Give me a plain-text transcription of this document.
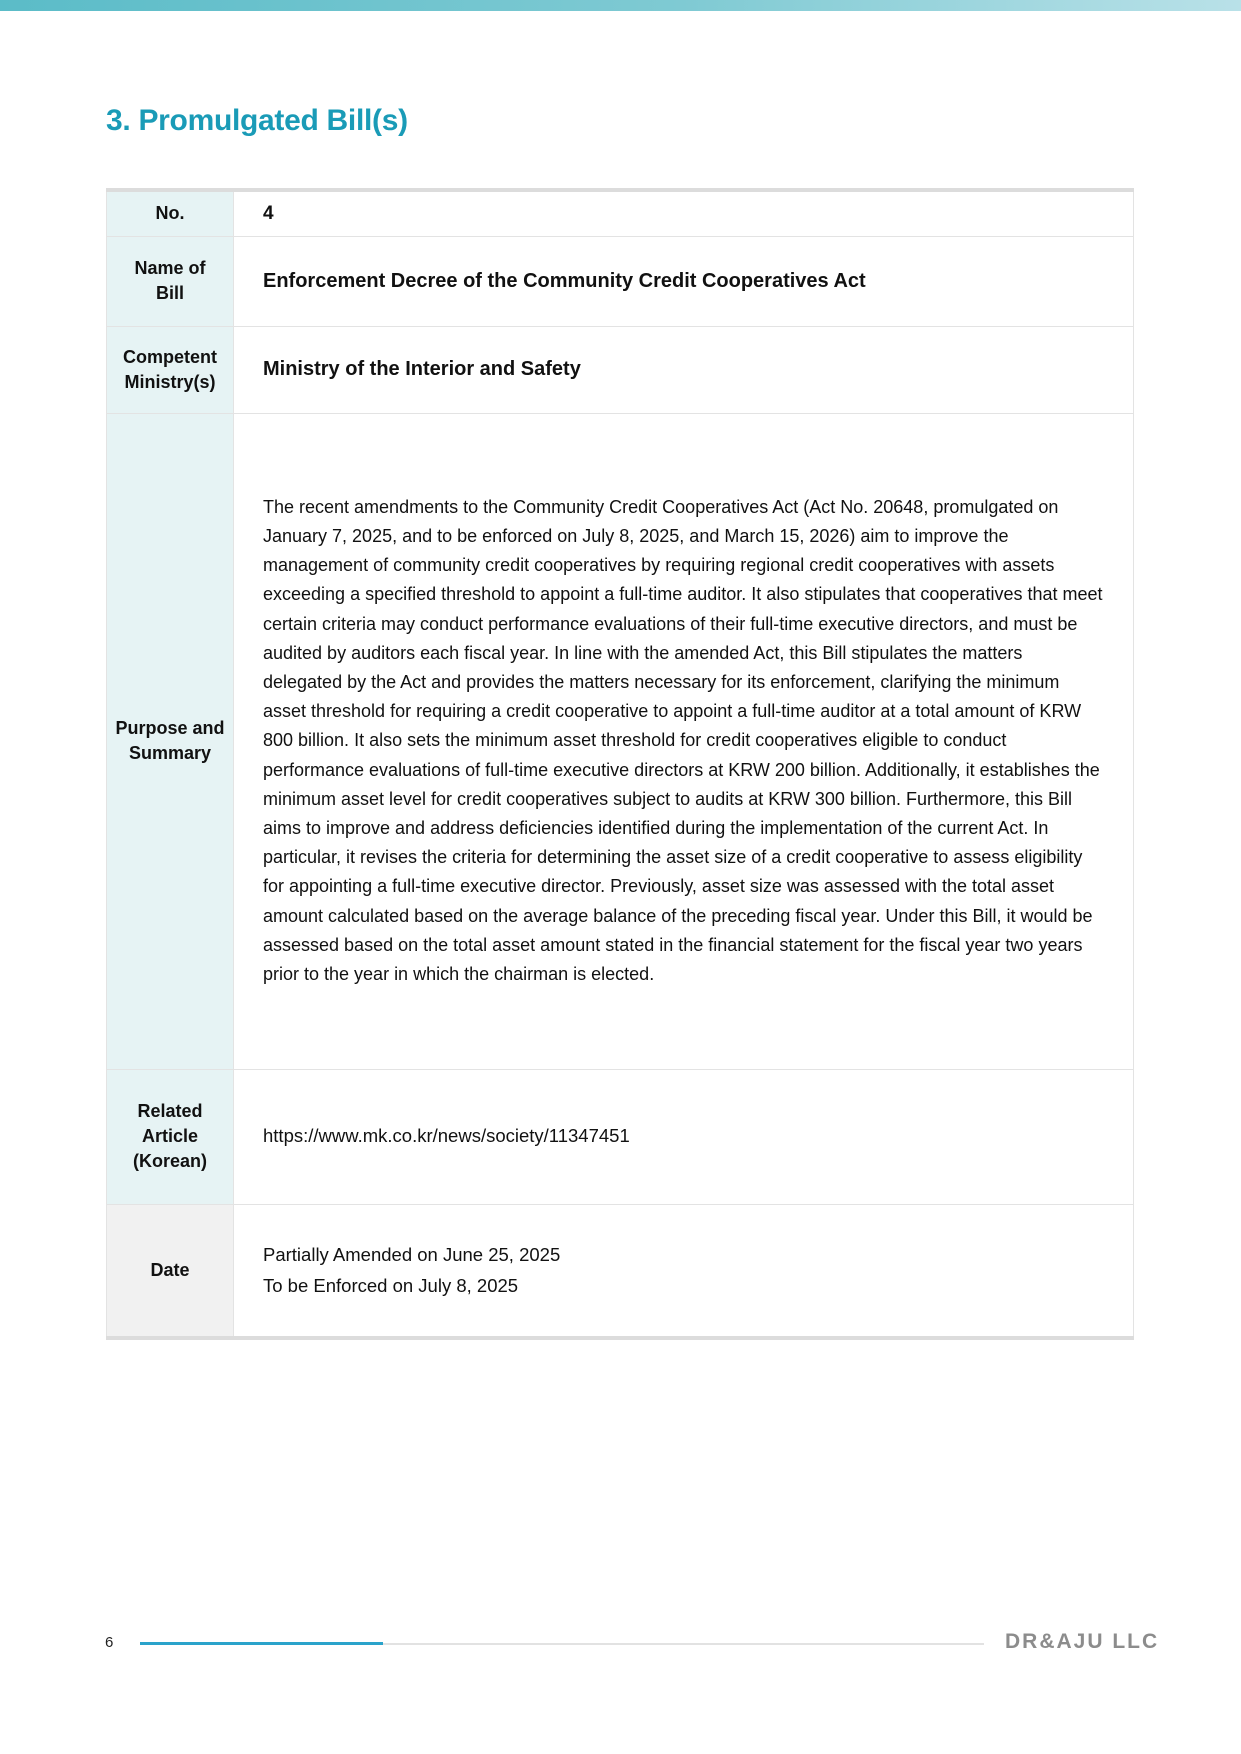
3. Promulgated Bill(s)
No.	4
Name of
Bill	Enforcement Decree of the Community Credit Cooperatives Act
Competent
Ministry(s)	Ministry of the Interior and Safety
Purpose and
Summary	The recent amendments to the Community Credit Cooperatives Act (Act No. 20648, promulgated on January 7, 2025, and to be enforced on July 8, 2025, and March 15, 2026) aim to improve the management of community credit cooperatives by requiring regional credit cooperatives with assets exceeding a specified threshold to appoint a full-time auditor. It also stipulates that cooperatives that meet certain criteria may conduct performance evaluations of their full-time executive directors, and must be audited by auditors each fiscal year. In line with the amended Act, this Bill stipulates the matters delegated by the Act and provides the matters necessary for its enforcement, clarifying the minimum asset threshold for requiring a credit cooperative to appoint a full-time auditor at a total amount of KRW 800 billion. It also sets the minimum asset threshold for credit cooperatives eligible to conduct performance evaluations of full-time executive directors at KRW 200 billion. Additionally, it establishes the minimum asset level for credit cooperatives subject to audits at KRW 300 billion. Furthermore, this Bill aims to improve and address deficiencies identified during the implementation of the current Act. In particular, it revises the criteria for determining the asset size of a credit cooperative to assess eligibility for appointing a full-time executive director. Previously, asset size was assessed with the total asset amount calculated based on the average balance of the preceding fiscal year. Under this Bill, it would be assessed based on the total asset amount stated in the financial statement for the fiscal year two years prior to the year in which the chairman is elected.

Related
Article
(Korean)	https://www.mk.co.kr/news/society/11347451
Date	Partially Amended on June 25, 2025
To be Enforced on July 8, 2025
6	DR&AJU LLC
